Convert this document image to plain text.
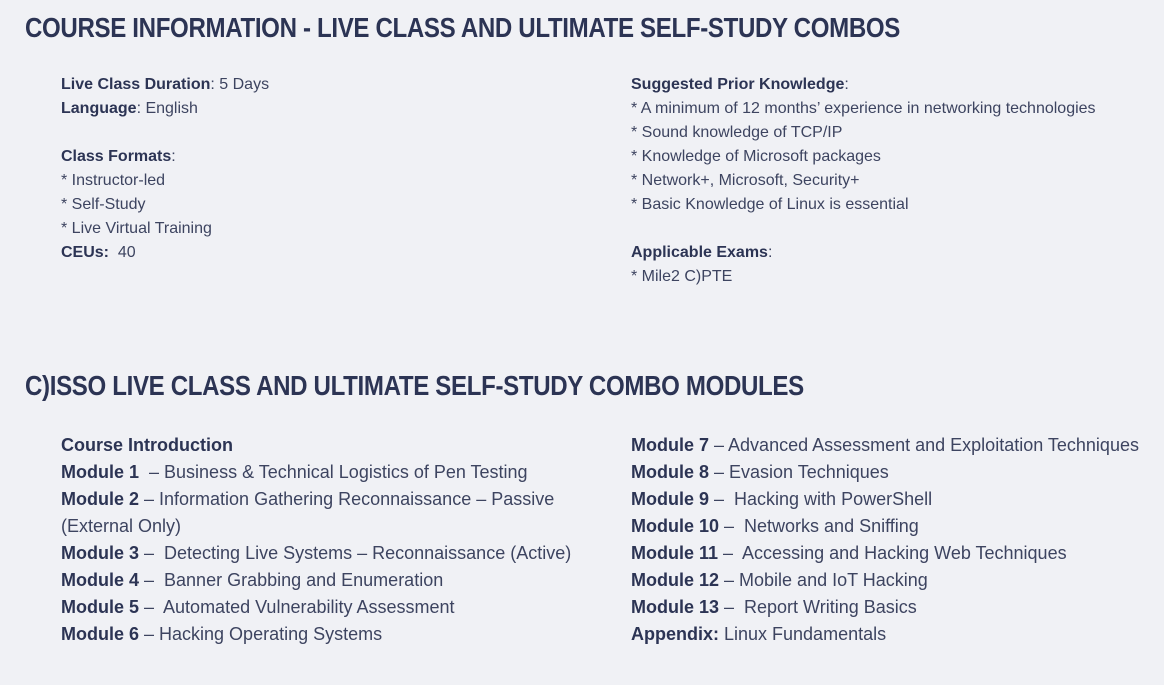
COURSE INFORMATION - LIVE CLASS AND ULTIMATE SELF-STUDY COMBOS
Live Class Duration: 5 Days
Language: English
Class Formats:
* Instructor-led
* Self-Study
* Live Virtual Training
CEUs:  40
Suggested Prior Knowledge:
* A minimum of 12 months’ experience in networking technologies
* Sound knowledge of TCP/IP
* Knowledge of Microsoft packages
* Network+, Microsoft, Security+
* Basic Knowledge of Linux is essential
Applicable Exams:
* Mile2 C)PTE
C)ISSO LIVE CLASS AND ULTIMATE SELF-STUDY COMBO MODULES
Course Introduction
Module 1  – Business & Technical Logistics of Pen Testing
Module 2 – Information Gathering Reconnaissance – Passive
(External Only)
Module 3 –  Detecting Live Systems – Reconnaissance (Active)
Module 4 –  Banner Grabbing and Enumeration
Module 5 –  Automated Vulnerability Assessment
Module 6 – Hacking Operating Systems
Module 7 – Advanced Assessment and Exploitation Techniques
Module 8 – Evasion Techniques
Module 9 –  Hacking with PowerShell
Module 10 –  Networks and Sniffing
Module 11 –  Accessing and Hacking Web Techniques
Module 12 – Mobile and IoT Hacking
Module 13 –  Report Writing Basics
Appendix: Linux Fundamentals
